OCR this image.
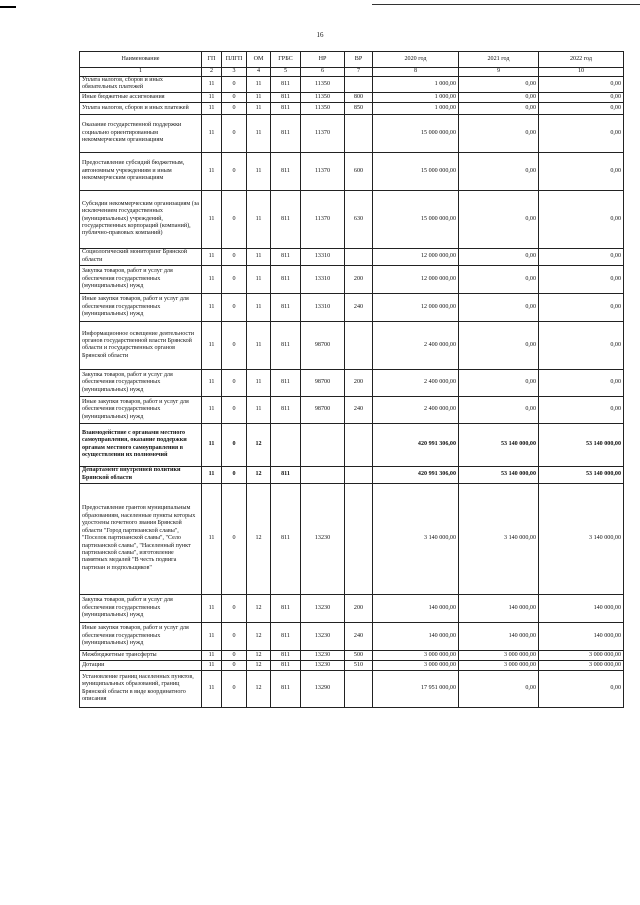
16
Наименование	ГП	ПЛГП	ОМ	ГРБС	НР	ВР	2020 год	2021 год	2022 год
1	2	3	4	5	6	7	8	9	10
Уплата налогов, сборов и иных обязательных платежей	11	0	11	811	11350		1 000,00	0,00	0,00
Иные бюджетные ассигнования	11	0	11	811	11350	800	1 000,00	0,00	0,00
Уплата налогов, сборов и иных платежей	11	0	11	811	11350	850	1 000,00	0,00	0,00
Оказание государственной поддержки социально ориентированным некоммерческим организациям	11	0	11	811	11370		15 000 000,00	0,00	0,00
Предоставление субсидий бюджетным, автономным учреждениям и иным некоммерческим организациям	11	0	11	811	11370	600	15 000 000,00	0,00	0,00
Субсидии некоммерческим организациям (за исключением государственных (муниципальных) учреждений, государственных корпораций (компаний), публично-правовых компаний)	11	0	11	811	11370	630	15 000 000,00	0,00	0,00
Социологический мониторинг Брянской области	11	0	11	811	13310		12 000 000,00	0,00	0,00
Закупка товаров, работ и услуг для обеспечения государственных (муниципальных) нужд	11	0	11	811	13310	200	12 000 000,00	0,00	0,00
Иные закупки товаров, работ и услуг для обеспечения государственных (муниципальных) нужд	11	0	11	811	13310	240	12 000 000,00	0,00	0,00
Информационное освещение деятельности органов государственной власти Брянской области и государственных органов Брянской области	11	0	11	811	98700		2 400 000,00	0,00	0,00
Закупка товаров, работ и услуг для обеспечения государственных (муниципальных) нужд	11	0	11	811	98700	200	2 400 000,00	0,00	0,00
Иные закупки товаров, работ и услуг для обеспечения государственных (муниципальных) нужд	11	0	11	811	98700	240	2 400 000,00	0,00	0,00
Взаимодействие с органами местного самоуправления, оказание поддержки органам местного самоуправления в осуществлении их полномочий	11	0	12				420 991 306,00	53 140 000,00	53 140 000,00
Департамент внутренней политики Брянской области	11	0	12	811			420 991 306,00	53 140 000,00	53 140 000,00
Предоставление грантов муниципальным образованиям, населенные пункты которых удостоены почетного звания Брянской области "Город партизанской славы", "Поселок партизанской славы", "Село партизанской славы", "Населенный пункт партизанской славы", изготовление памятных медалей "В честь подвига партизан и подпольщиков"	11	0	12	811	13230		3 140 000,00	3 140 000,00	3 140 000,00
Закупка товаров, работ и услуг для обеспечения государственных (муниципальных) нужд	11	0	12	811	13230	200	140 000,00	140 000,00	140 000,00
Иные закупки товаров, работ и услуг для обеспечения государственных (муниципальных) нужд	11	0	12	811	13230	240	140 000,00	140 000,00	140 000,00
Межбюджетные трансферты	11	0	12	811	13230	500	3 000 000,00	3 000 000,00	3 000 000,00
Дотации	11	0	12	811	13230	510	3 000 000,00	3 000 000,00	3 000 000,00
Установление границ населенных пунктов, муниципальных образований, границ Брянской области в виде координатного описания	11	0	12	811	13290		17 951 000,00	0,00	0,00
